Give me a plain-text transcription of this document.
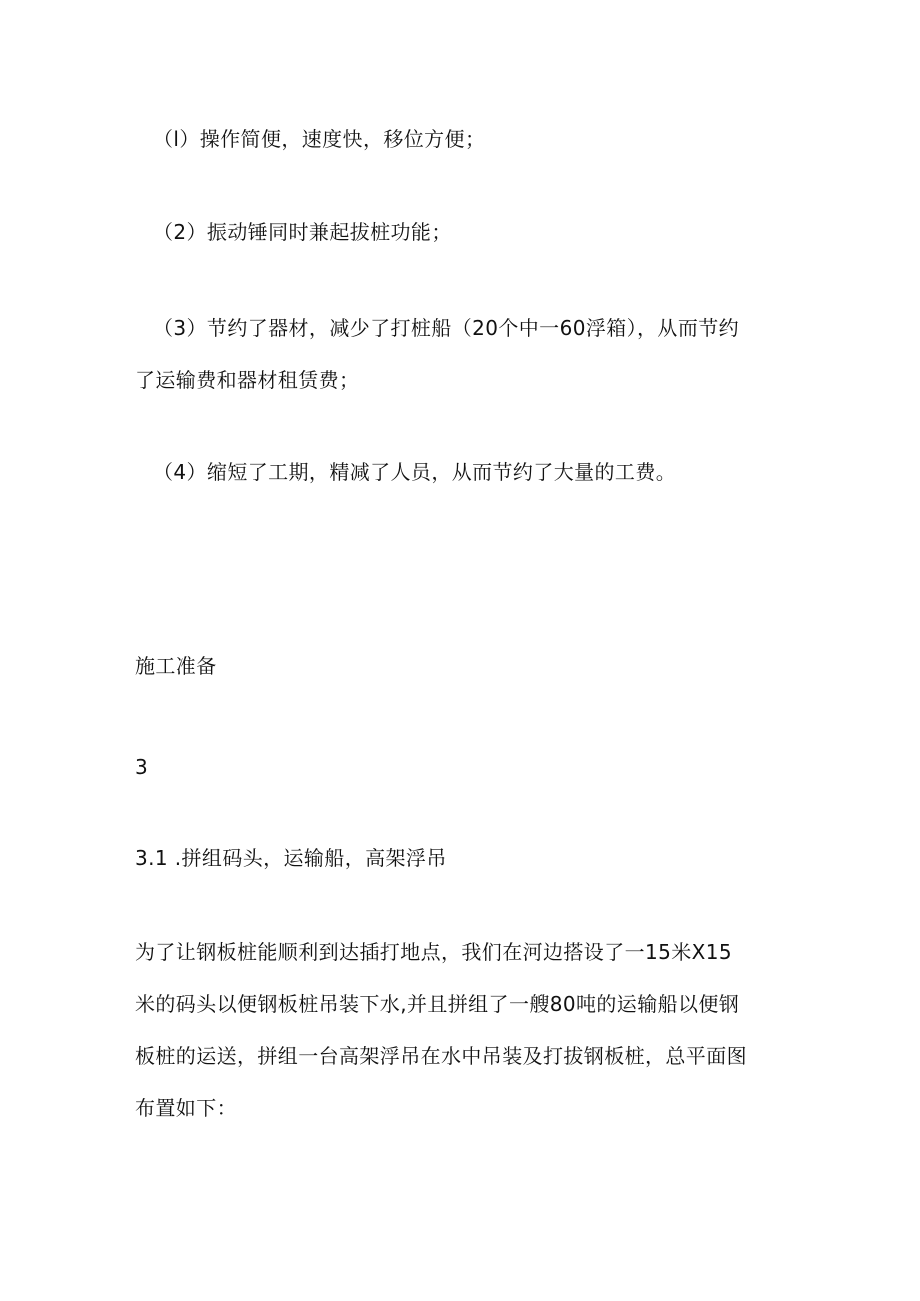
（l）操作简便，速度快，移位方便；
（2）振动锤同时兼起拔桩功能；
（3）节约了器材，减少了打桩船（20个中一60浮箱），从而节约
了运输费和器材租赁费；
（4）缩短了工期，精减了人员，从而节约了大量的工费。
施工准备
3
3.1 .拼组码头，运输船，高架浮吊
为了让钢板桩能顺利到达插打地点，我们在河边搭设了一15米X15
米的码头以便钢板桩吊装下水,并且拼组了一艘80吨的运输船以便钢
板桩的运送，拼组一台高架浮吊在水中吊装及打拔钢板桩，总平面图
布置如下：
